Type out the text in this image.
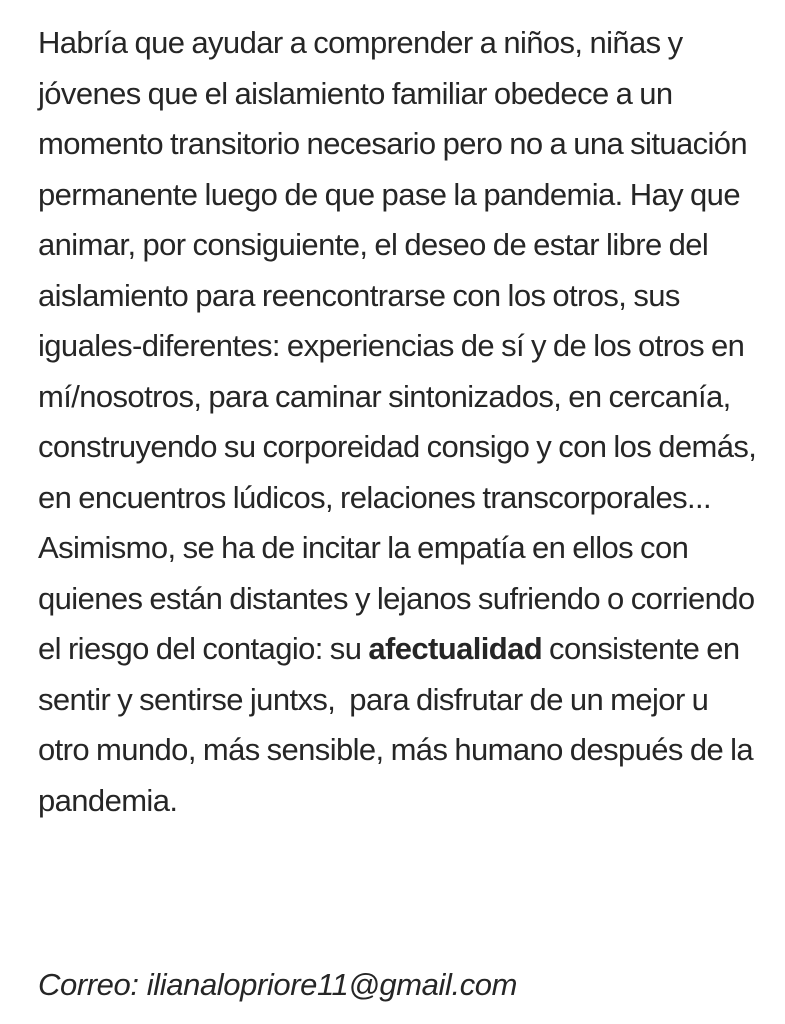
Habría que ayudar a comprender a niños, niñas y jóvenes que el aislamiento familiar obedece a un momento transitorio necesario pero no a una situación permanente luego de que pase la pandemia. Hay que animar, por consiguiente, el deseo de estar libre del aislamiento para reencontrarse con los otros, sus iguales-diferentes: experiencias de sí y de los otros en mí/nosotros, para caminar sintonizados, en cercanía, construyendo su corporeidad consigo y con los demás, en encuentros lúdicos, relaciones transcorporales...   Asimismo, se ha de incitar la empatía en ellos con quienes están distantes y lejanos sufriendo o corriendo el riesgo del contagio: su afectualidad consistente en sentir y sentirse juntxs,  para disfrutar de un mejor u otro mundo, más sensible, más humano después de la pandemia.

Correo: ilianalopriore11@gmail.com
